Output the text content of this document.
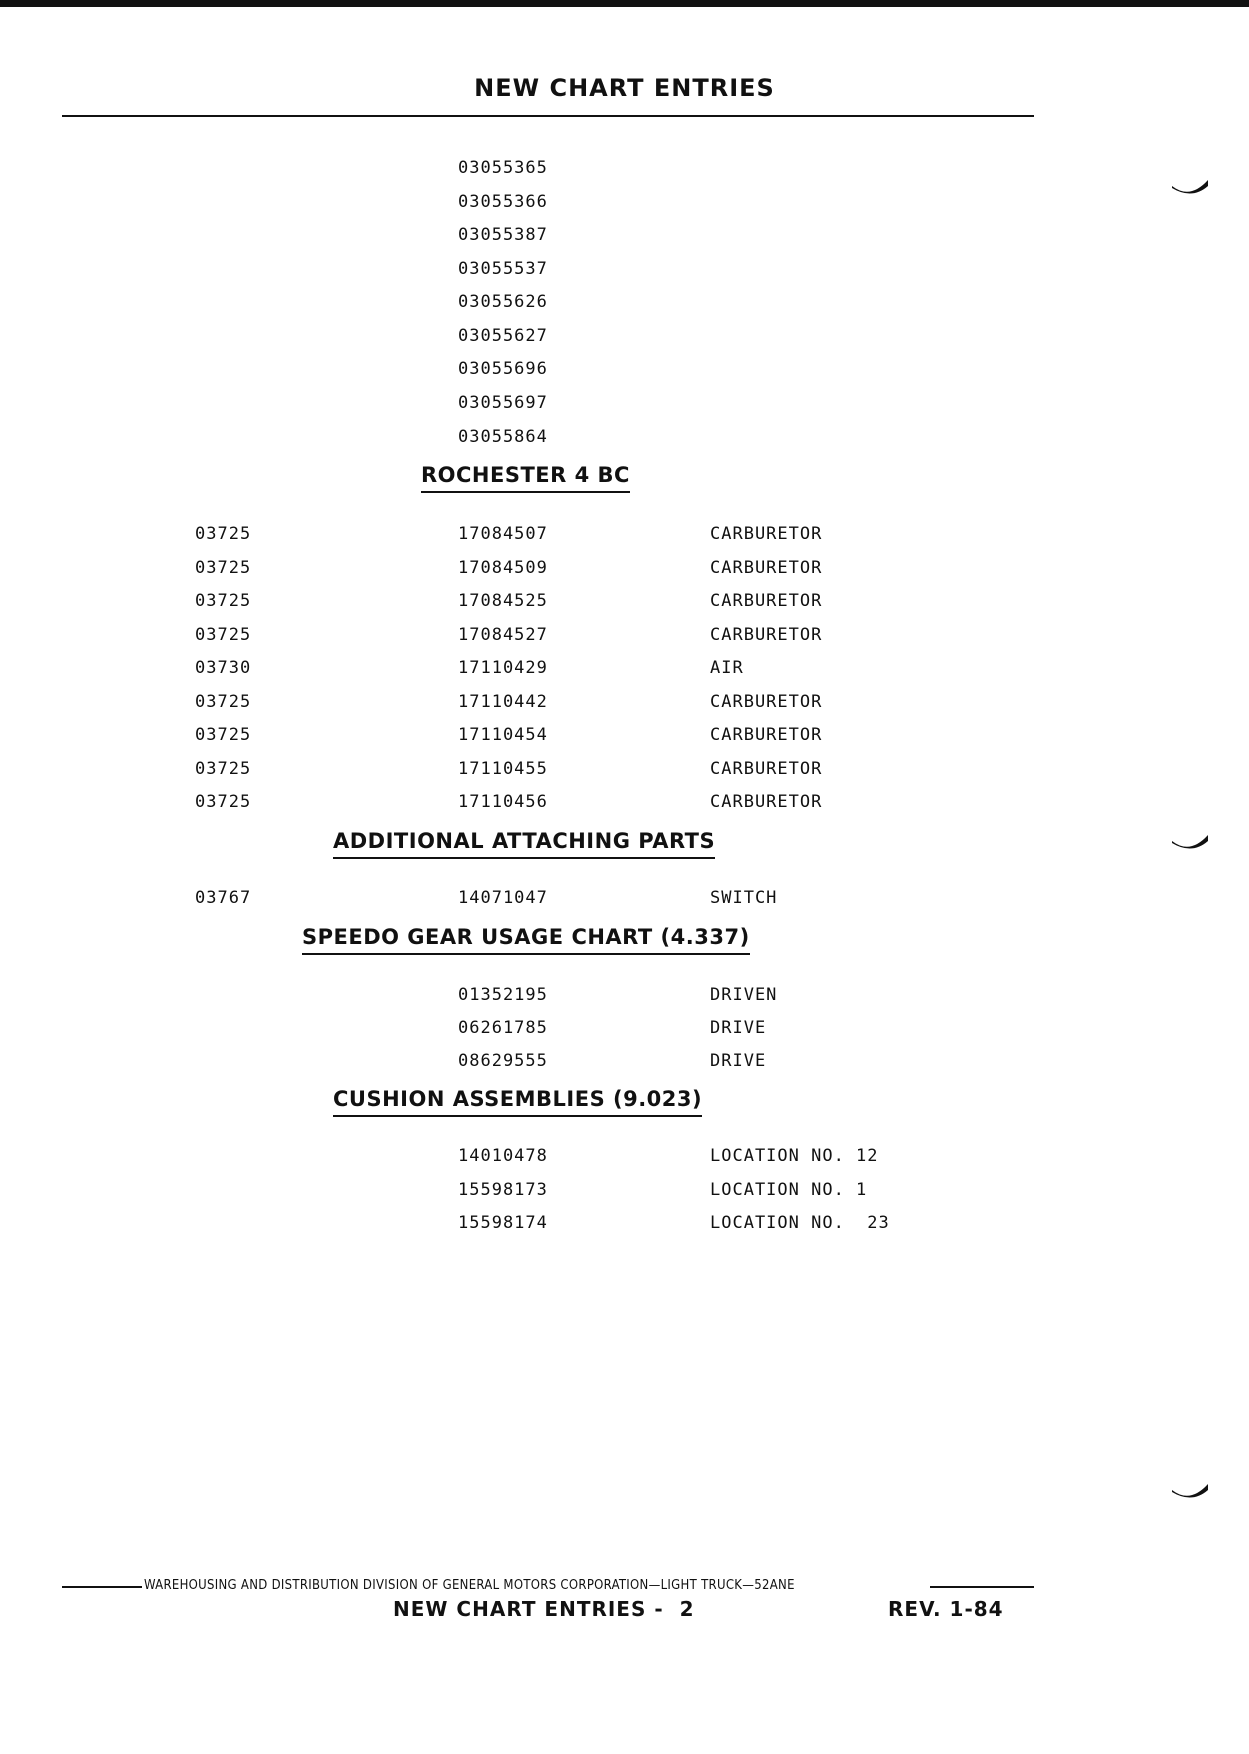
NEW CHART ENTRIES
03055365
03055366
03055387
03055537
03055626
03055627
03055696
03055697
03055864
ROCHESTER 4 BC
03725	17084507	CARBURETOR
03725	17084509	CARBURETOR
03725	17084525	CARBURETOR
03725	17084527	CARBURETOR
03730	17110429	AIR
03725	17110442	CARBURETOR
03725	17110454	CARBURETOR
03725	17110455	CARBURETOR
03725	17110456	CARBURETOR
ADDITIONAL ATTACHING PARTS
03767	14071047	SWITCH
SPEEDO GEAR USAGE CHART (4.337)
01352195	DRIVEN
06261785	DRIVE
08629555	DRIVE
CUSHION ASSEMBLIES (9.023)
14010478	LOCATION NO. 12
15598173	LOCATION NO. 1
15598174	LOCATION NO.  23
WAREHOUSING AND DISTRIBUTION DIVISION OF GENERAL MOTORS CORPORATION—LIGHT TRUCK—52ANE
NEW CHART ENTRIES -  2	REV. 1-84
